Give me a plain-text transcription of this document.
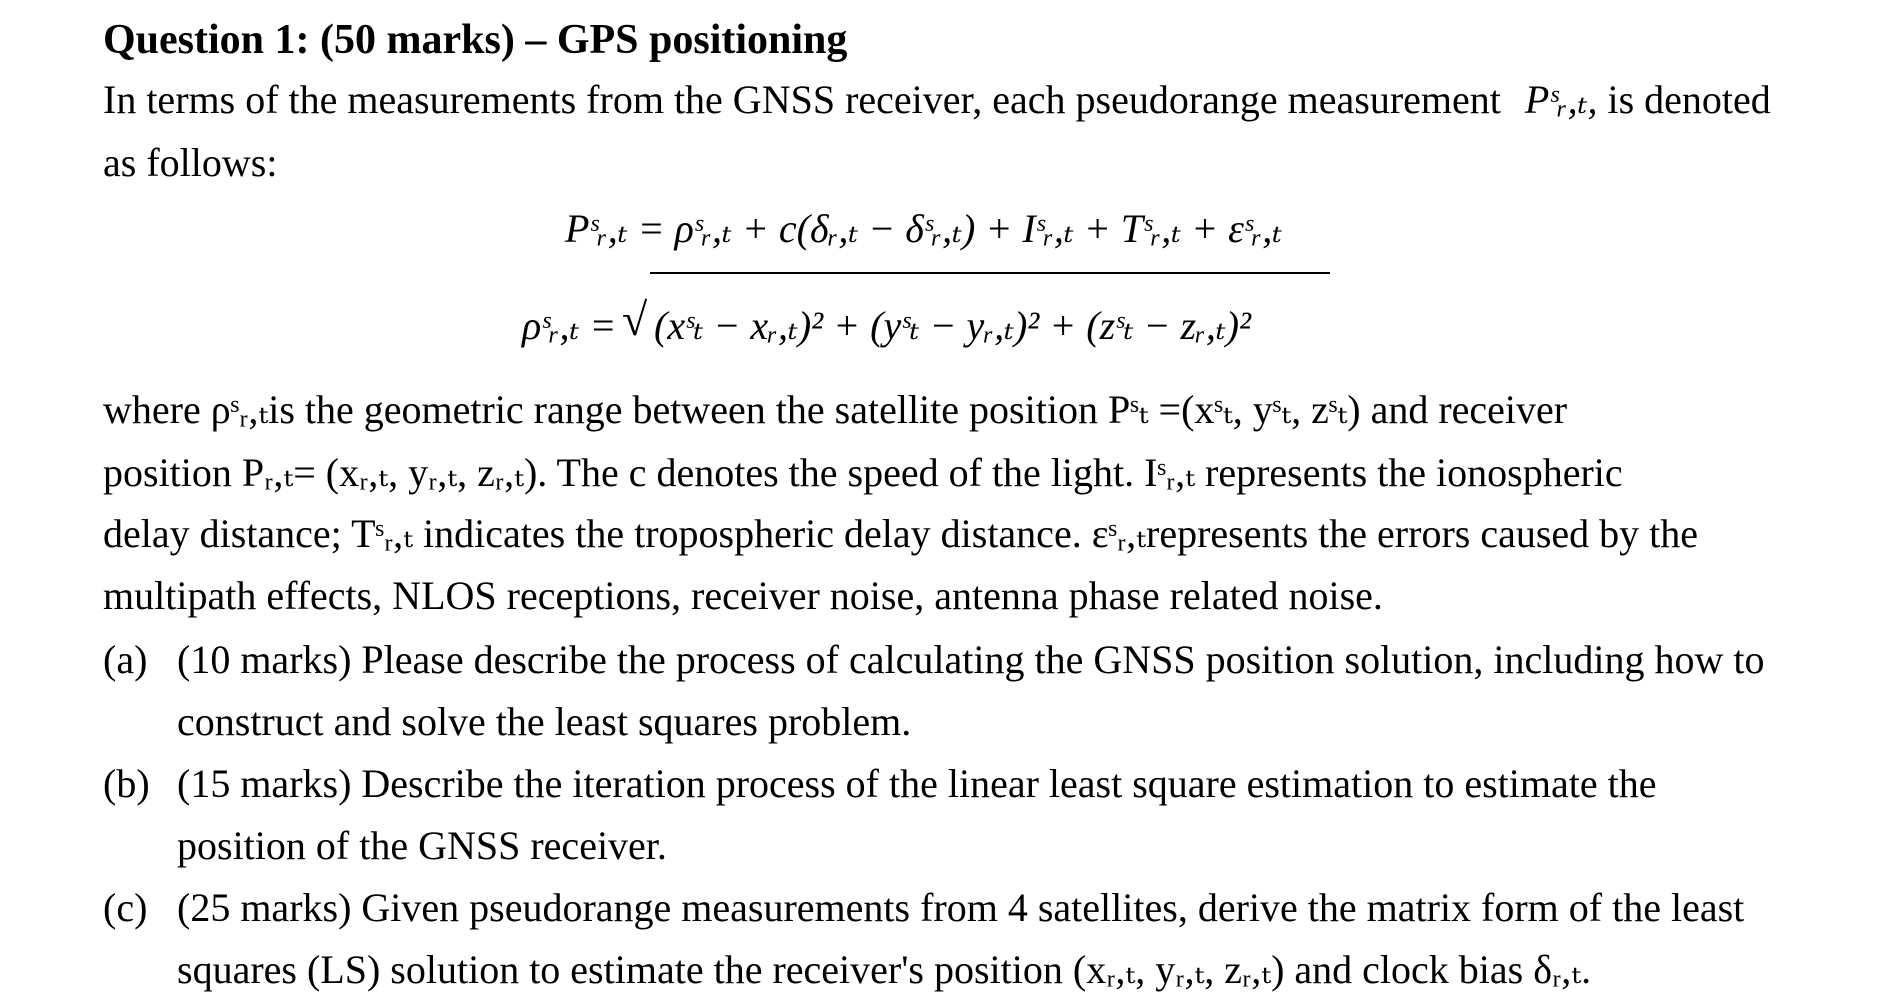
Question 1: (50 marks) – GPS positioning
In terms of the measurements from the GNSS receiver, each pseudorange measurement Pˢᵣ,ₜ, is denoted
as follows:
Pˢᵣ,ₜ = ρˢᵣ,ₜ + c(δᵣ,ₜ − δˢᵣ,ₜ) + Iˢᵣ,ₜ + Tˢᵣ,ₜ + εˢᵣ,ₜ
ρˢᵣ,ₜ = √ (xˢₜ − xᵣ,ₜ)² + (yˢₜ − yᵣ,ₜ)² + (zˢₜ − zᵣ,ₜ)²
where ρˢᵣ,ₜis the geometric range between the satellite position Pˢₜ =(xˢₜ, yˢₜ, zˢₜ) and receiver
position Pᵣ,ₜ= (xᵣ,ₜ, yᵣ,ₜ, zᵣ,ₜ). The c denotes the speed of the light. Iˢᵣ,ₜ represents the ionospheric
delay distance; Tˢᵣ,ₜ indicates the tropospheric delay distance. εˢᵣ,ₜrepresents the errors caused by the
multipath effects, NLOS receptions, receiver noise, antenna phase related noise.
(a) (10 marks) Please describe the process of calculating the GNSS position solution, including how to
construct and solve the least squares problem.
(b) (15 marks) Describe the iteration process of the linear least square estimation to estimate the
position of the GNSS receiver.
(c) (25 marks) Given pseudorange measurements from 4 satellites, derive the matrix form of the least
squares (LS) solution to estimate the receiver's position (xᵣ,ₜ, yᵣ,ₜ, zᵣ,ₜ) and clock bias δᵣ,ₜ.
